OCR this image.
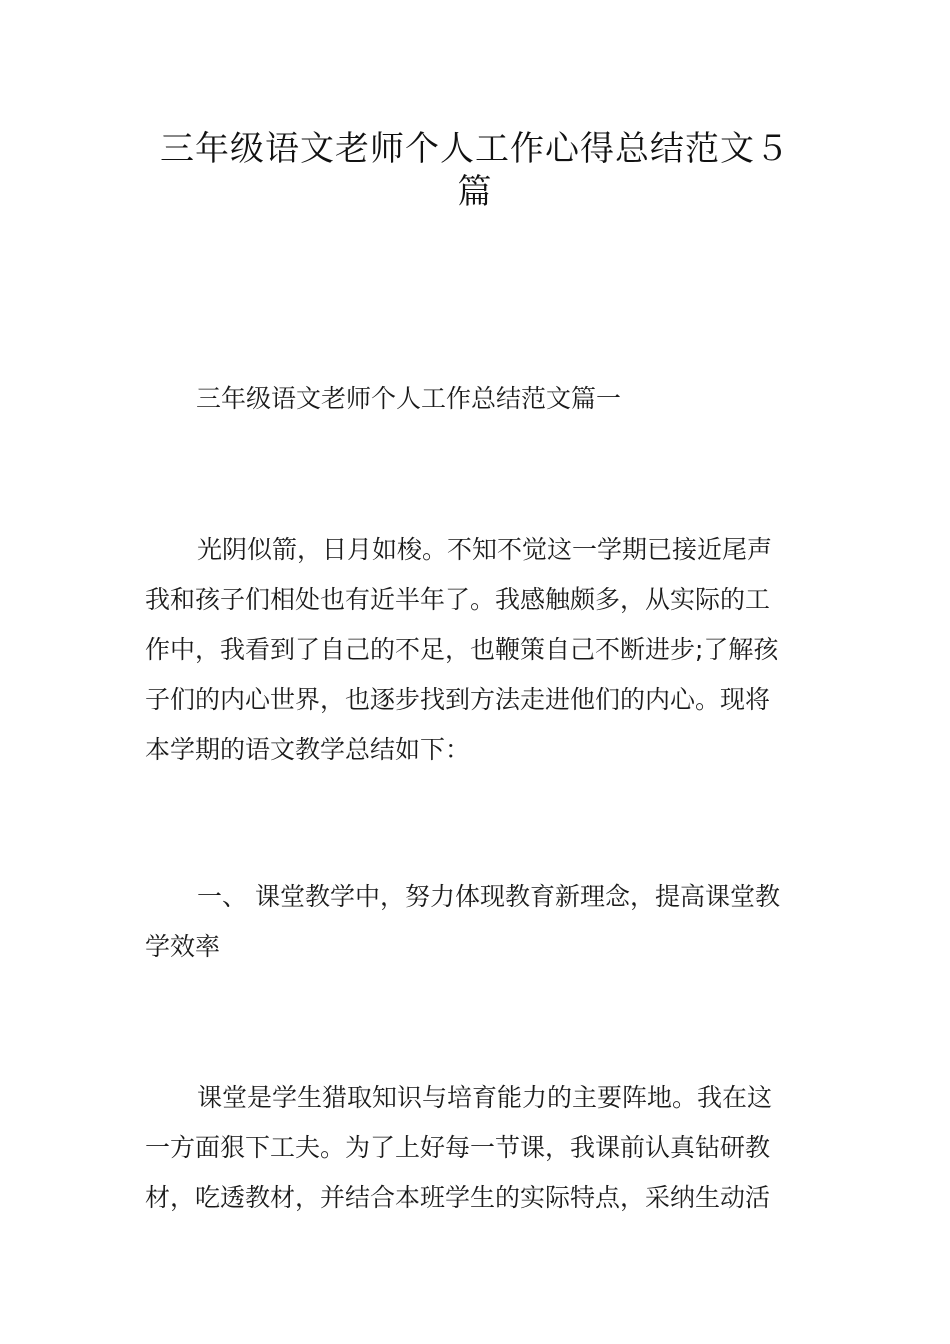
三年级语文老师个人工作心得总结范文５
篇
三年级语文老师个人工作总结范文篇一
光阴似箭，日月如梭。不知不觉这一学期已接近尾声
我和孩子们相处也有近半年了。我感触颇多，从实际的工
作中，我看到了自己的不足，也鞭策自己不断进步;了解孩
子们的内心世界，也逐步找到方法走进他们的内心。现将
本学期的语文教学总结如下：
一、 课堂教学中，努力体现教育新理念，提高课堂教
学效率
课堂是学生猎取知识与培育能力的主要阵地。我在这
一方面狠下工夫。为了上好每一节课，我课前认真钻研教
材，吃透教材，并结合本班学生的实际特点，采纳生动活
